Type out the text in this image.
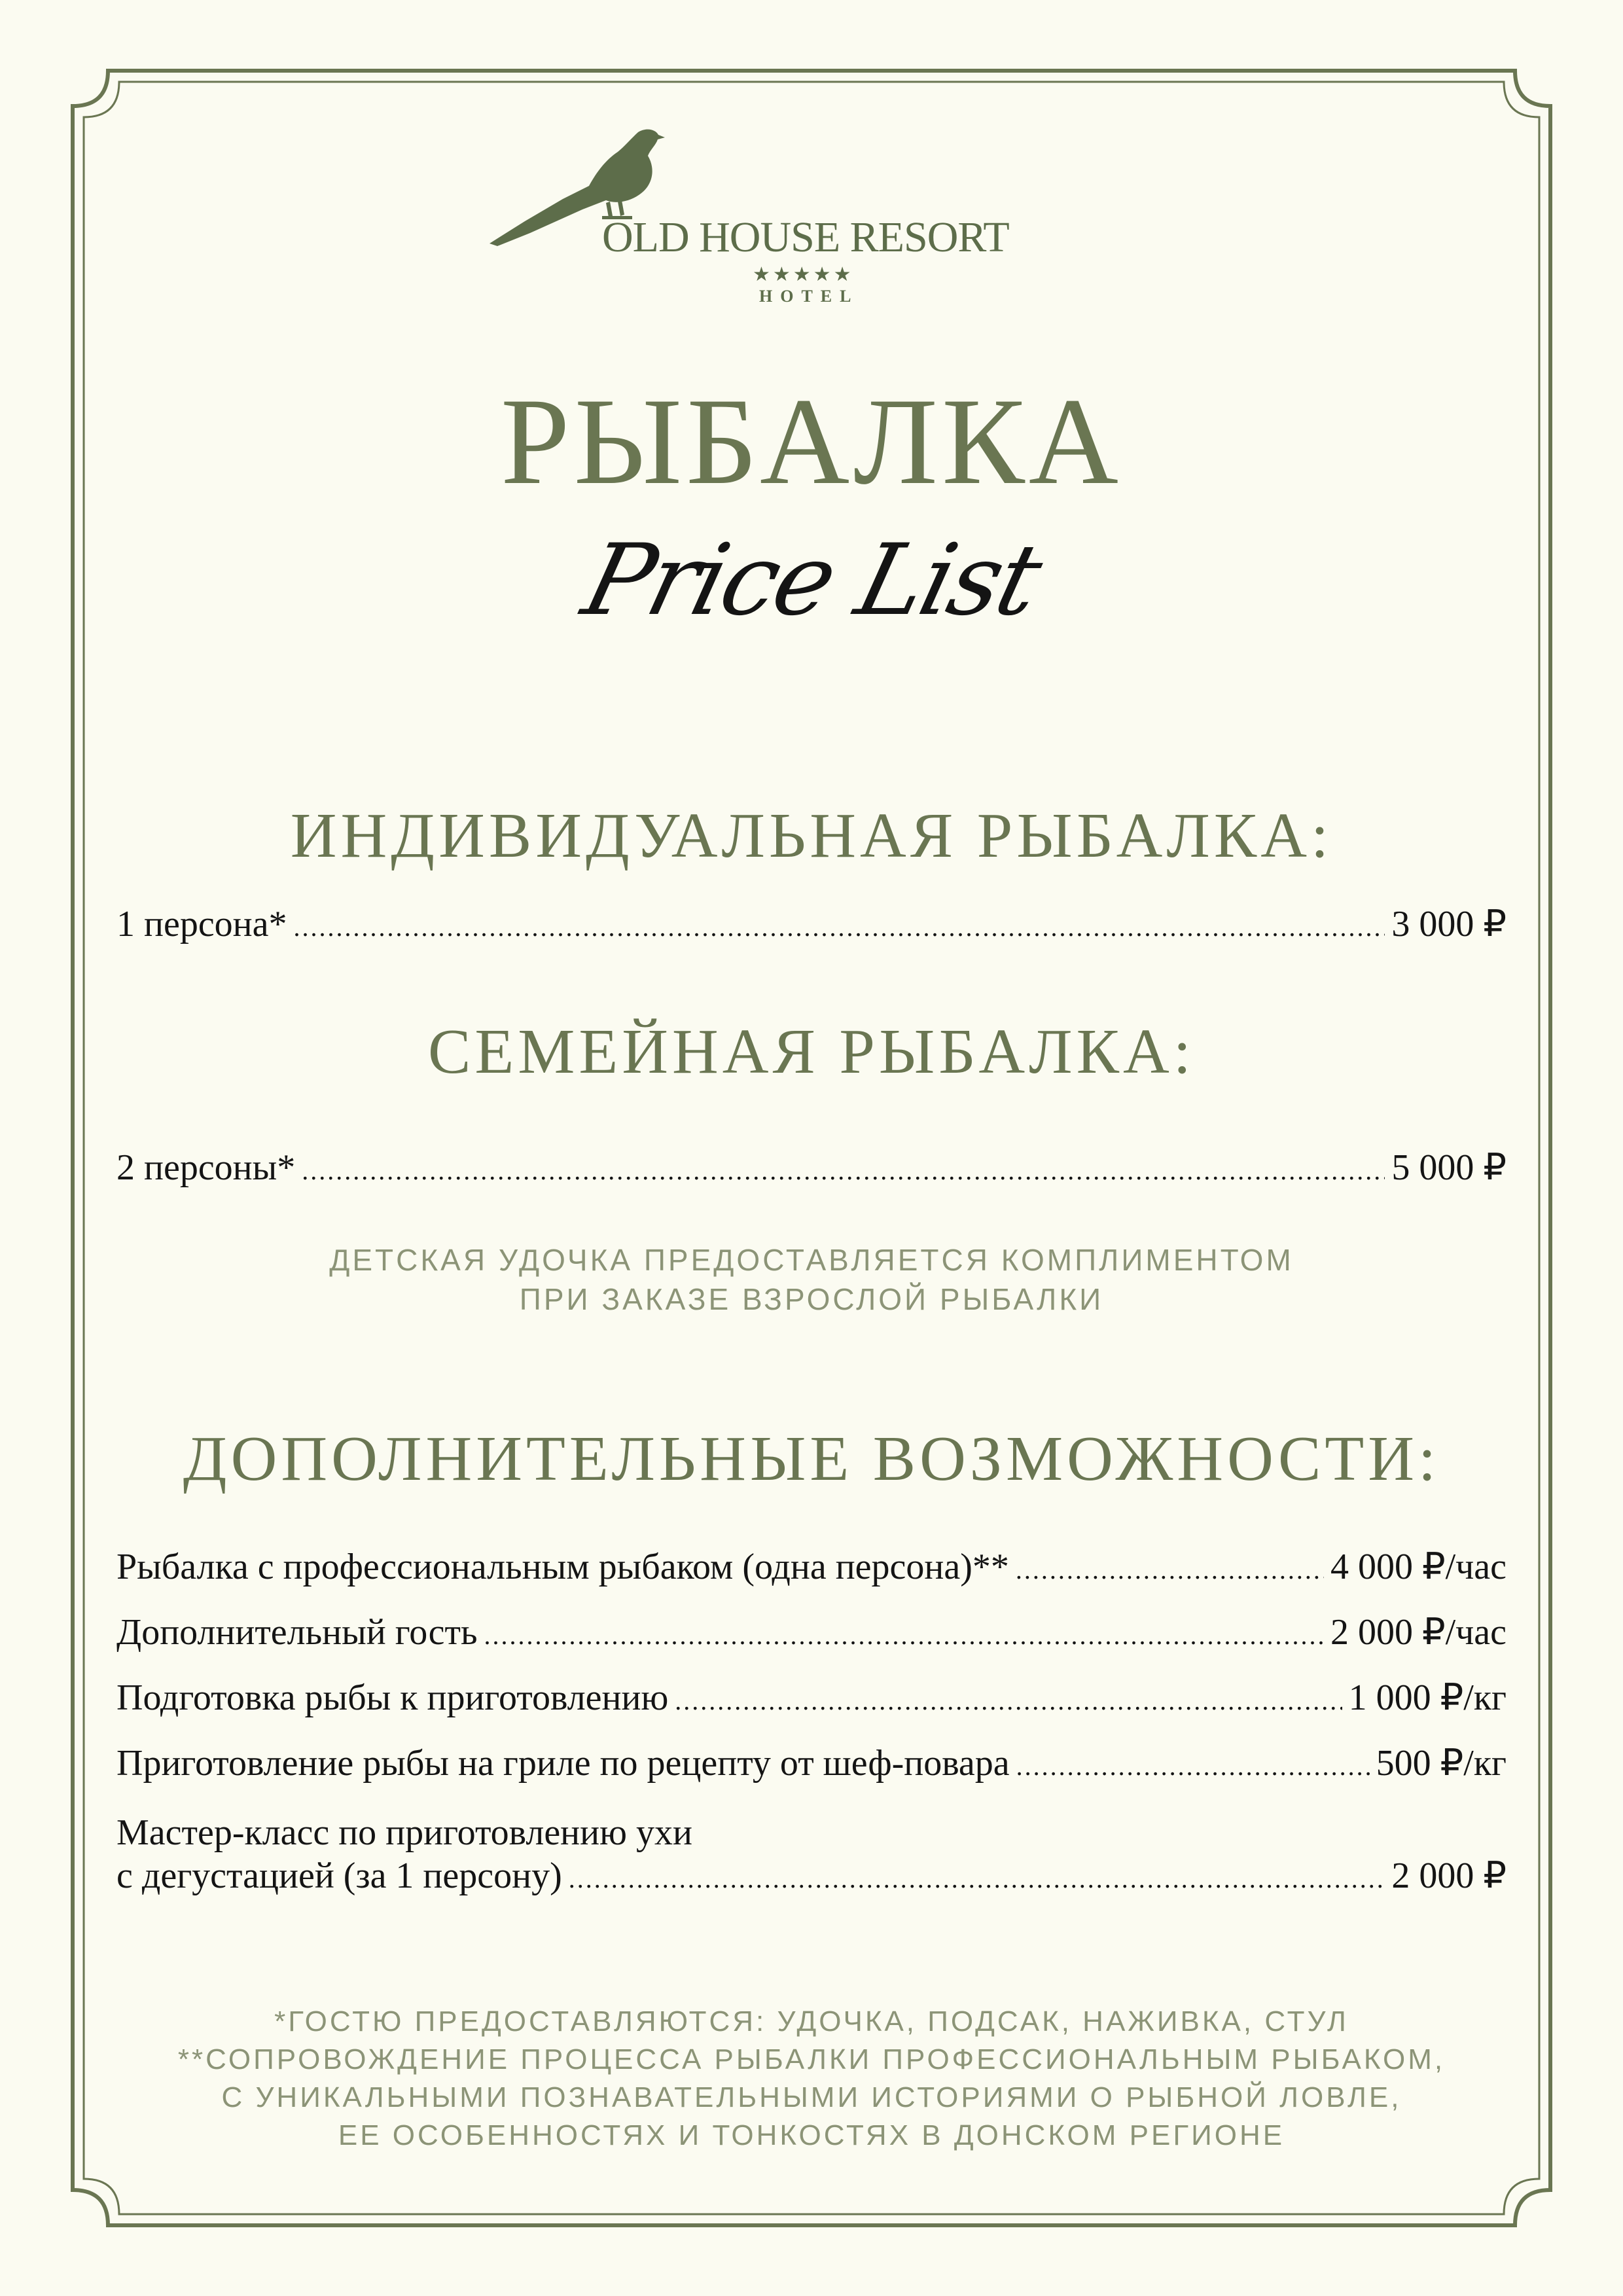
OLD HOUSE RESORT
★★★★★
HOTEL
РЫБАЛКА
Price List
ИНДИВИДУАЛЬНАЯ РЫБАЛКА:
1 персона* .....	3 000 ₽
СЕМЕЙНАЯ РЫБАЛКА:
2 персоны* .....	5 000 ₽
ДЕТСКАЯ УДОЧКА ПРЕДОСТАВЛЯЕТСЯ КОМПЛИМЕНТОМ
ПРИ ЗАКАЗЕ ВЗРОСЛОЙ РЫБАЛКИ
ДОПОЛНИТЕЛЬНЫЕ ВОЗМОЖНОСТИ:
Рыбалка с профессиональным рыбаком (одна персона)** .....	4 000 ₽/час
Дополнительный гость .....	2 000 ₽/час
Подготовка рыбы к приготовлению .....	1 000 ₽/кг
Приготовление рыбы на гриле по рецепту от шеф-повара .....	500 ₽/кг
Мастер-класс по приготовлению ухи
с дегустацией (за 1 персону) .....	2 000 ₽
*ГОСТЮ ПРЕДОСТАВЛЯЮТСЯ: УДОЧКА, ПОДСАК, НАЖИВКА, СТУЛ
**СОПРОВОЖДЕНИЕ ПРОЦЕССА РЫБАЛКИ ПРОФЕССИОНАЛЬНЫМ РЫБАКОМ,
С УНИКАЛЬНЫМИ ПОЗНАВАТЕЛЬНЫМИ ИСТОРИЯМИ О РЫБНОЙ ЛОВЛЕ,
ЕЕ ОСОБЕННОСТЯХ И ТОНКОСТЯХ В ДОНСКОМ РЕГИОНЕ
